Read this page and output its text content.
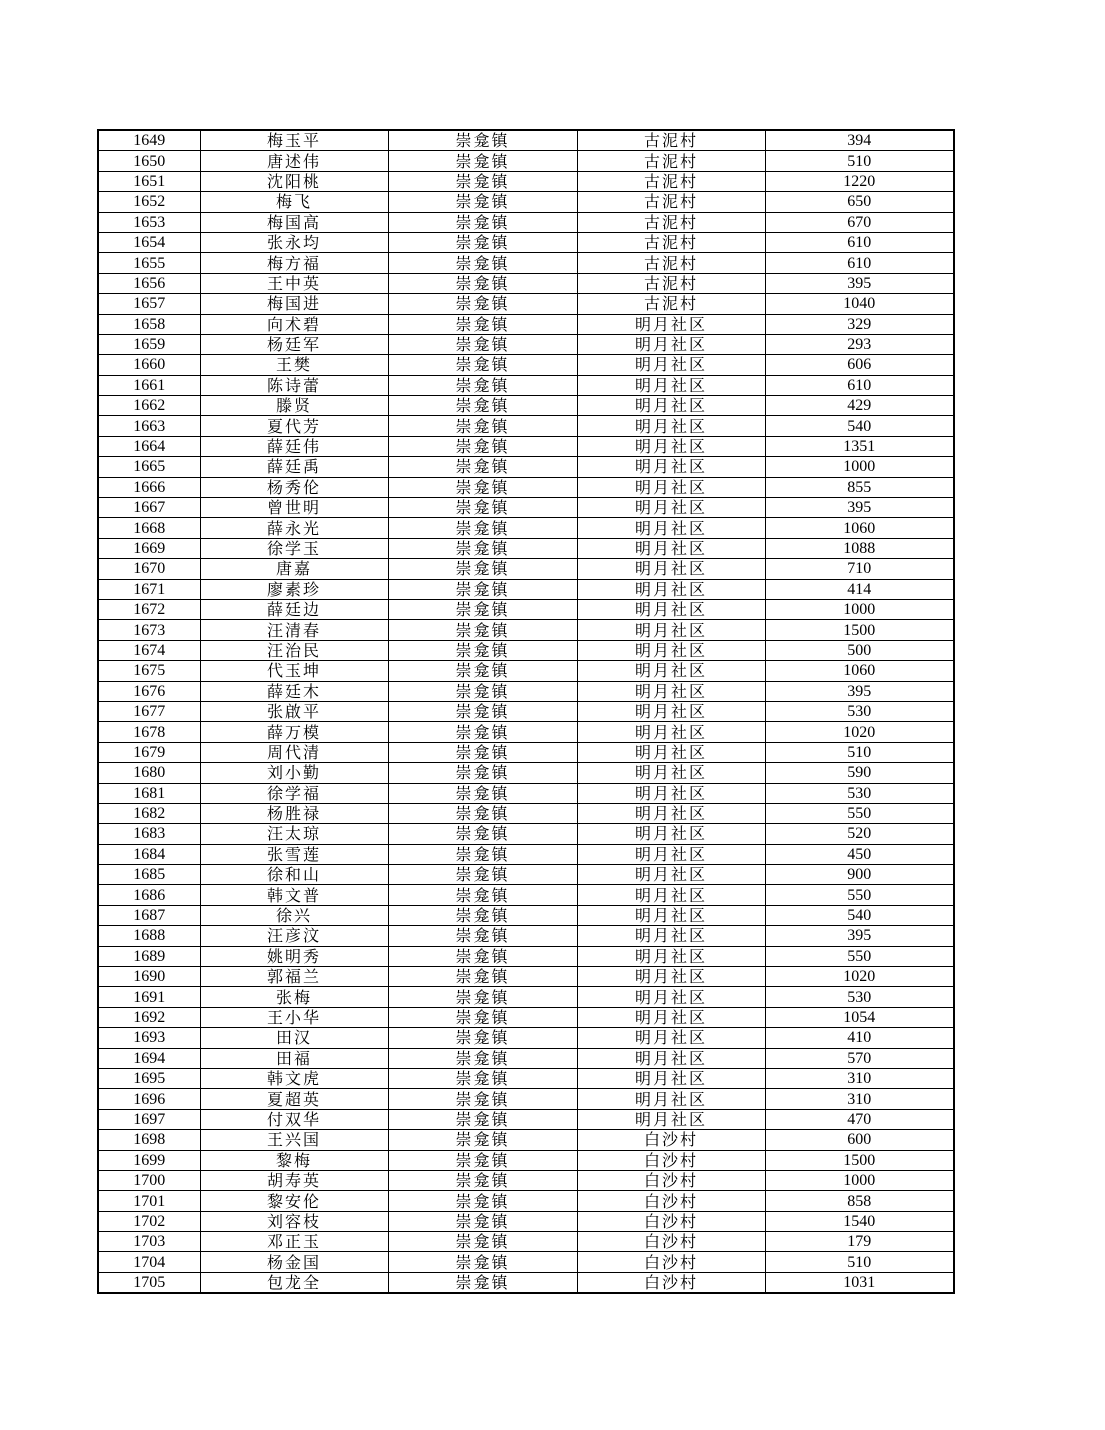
1649	梅玉平	崇龛镇	古泥村	394
1650	唐述伟	崇龛镇	古泥村	510
1651	沈阳桃	崇龛镇	古泥村	1220
1652	梅飞	崇龛镇	古泥村	650
1653	梅国高	崇龛镇	古泥村	670
1654	张永均	崇龛镇	古泥村	610
1655	梅方福	崇龛镇	古泥村	610
1656	王中英	崇龛镇	古泥村	395
1657	梅国进	崇龛镇	古泥村	1040
1658	向术碧	崇龛镇	明月社区	329
1659	杨廷军	崇龛镇	明月社区	293
1660	王樊	崇龛镇	明月社区	606
1661	陈诗蕾	崇龛镇	明月社区	610
1662	滕贤	崇龛镇	明月社区	429
1663	夏代芳	崇龛镇	明月社区	540
1664	薛廷伟	崇龛镇	明月社区	1351
1665	薛廷禹	崇龛镇	明月社区	1000
1666	杨秀伦	崇龛镇	明月社区	855
1667	曾世明	崇龛镇	明月社区	395
1668	薛永光	崇龛镇	明月社区	1060
1669	徐学玉	崇龛镇	明月社区	1088
1670	唐嘉	崇龛镇	明月社区	710
1671	廖素珍	崇龛镇	明月社区	414
1672	薛廷边	崇龛镇	明月社区	1000
1673	汪清春	崇龛镇	明月社区	1500
1674	汪治民	崇龛镇	明月社区	500
1675	代玉坤	崇龛镇	明月社区	1060
1676	薛廷木	崇龛镇	明月社区	395
1677	张啟平	崇龛镇	明月社区	530
1678	薛万模	崇龛镇	明月社区	1020
1679	周代清	崇龛镇	明月社区	510
1680	刘小勤	崇龛镇	明月社区	590
1681	徐学福	崇龛镇	明月社区	530
1682	杨胜禄	崇龛镇	明月社区	550
1683	汪太琼	崇龛镇	明月社区	520
1684	张雪莲	崇龛镇	明月社区	450
1685	徐和山	崇龛镇	明月社区	900
1686	韩文普	崇龛镇	明月社区	550
1687	徐兴	崇龛镇	明月社区	540
1688	汪彦汶	崇龛镇	明月社区	395
1689	姚明秀	崇龛镇	明月社区	550
1690	郭福兰	崇龛镇	明月社区	1020
1691	张梅	崇龛镇	明月社区	530
1692	王小华	崇龛镇	明月社区	1054
1693	田汉	崇龛镇	明月社区	410
1694	田福	崇龛镇	明月社区	570
1695	韩文虎	崇龛镇	明月社区	310
1696	夏超英	崇龛镇	明月社区	310
1697	付双华	崇龛镇	明月社区	470
1698	王兴国	崇龛镇	白沙村	600
1699	黎梅	崇龛镇	白沙村	1500
1700	胡寿英	崇龛镇	白沙村	1000
1701	黎安伦	崇龛镇	白沙村	858
1702	刘容枝	崇龛镇	白沙村	1540
1703	邓正玉	崇龛镇	白沙村	179
1704	杨金国	崇龛镇	白沙村	510
1705	包龙全	崇龛镇	白沙村	1031
